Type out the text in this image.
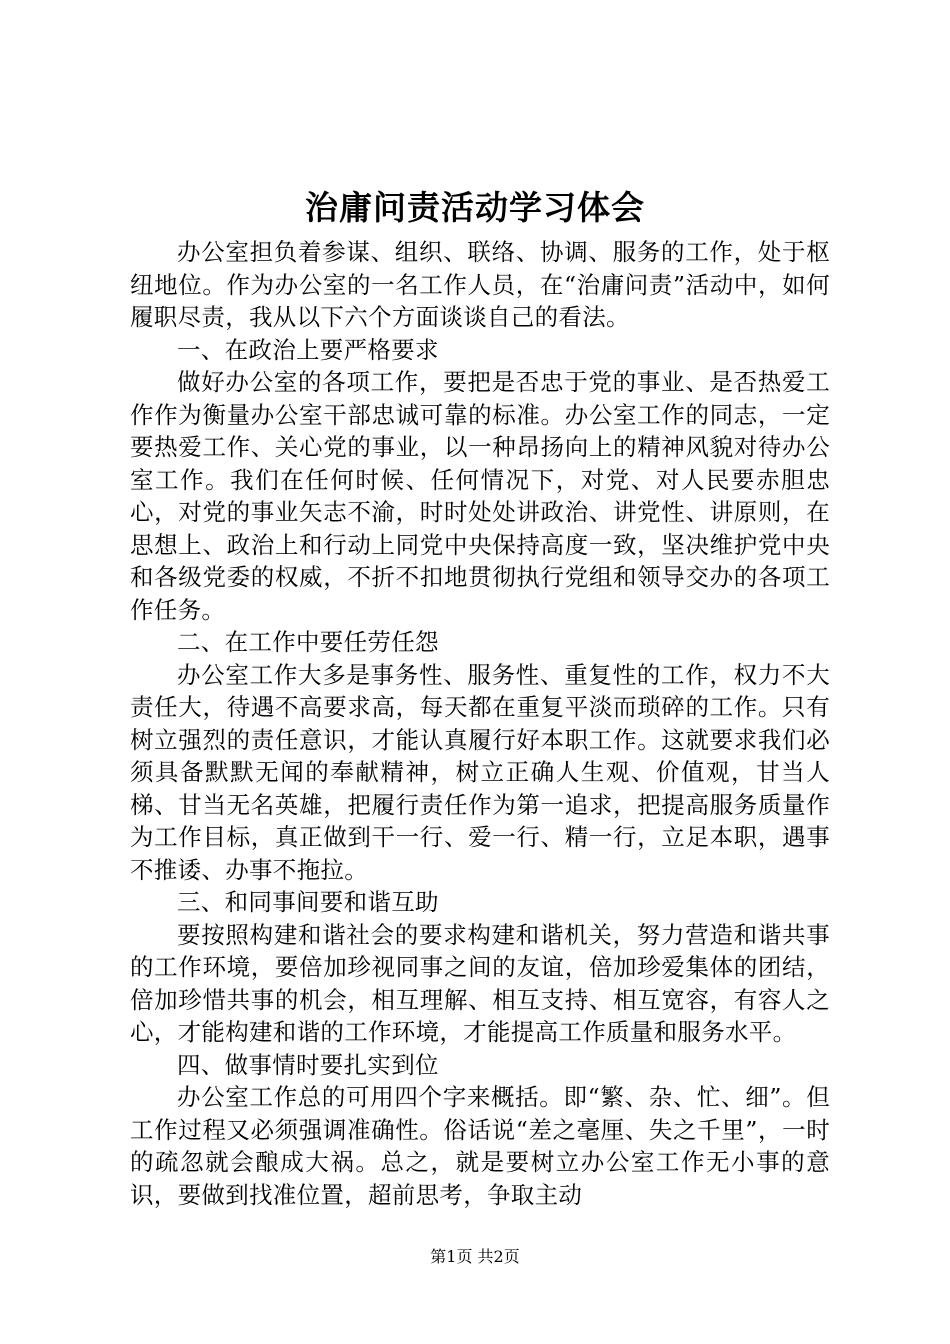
治庸问责活动学习体会

办公室担负着参谋、组织、联络、协调、服务的工作，处于枢纽地位。作为办公室的一名工作人员，在“治庸问责”活动中，如何履职尽责，我从以下六个方面谈谈自己的看法。

一、在政治上要严格要求

做好办公室的各项工作，要把是否忠于党的事业、是否热爱工作作为衡量办公室干部忠诚可靠的标准。办公室工作的同志，一定要热爱工作、关心党的事业，以一种昂扬向上的精神风貌对待办公室工作。我们在任何时候、任何情况下，对党、对人民要赤胆忠心，对党的事业矢志不渝，时时处处讲政治、讲党性、讲原则，在思想上、政治上和行动上同党中央保持高度一致，坚决维护党中央和各级党委的权威，不折不扣地贯彻执行党组和领导交办的各项工作任务。

二、在工作中要任劳任怨

办公室工作大多是事务性、服务性、重复性的工作，权力不大责任大，待遇不高要求高，每天都在重复平淡而琐碎的工作。只有树立强烈的责任意识，才能认真履行好本职工作。这就要求我们必须具备默默无闻的奉献精神，树立正确人生观、价值观，甘当人梯、甘当无名英雄，把履行责任作为第一追求，把提高服务质量作为工作目标，真正做到干一行、爱一行、精一行，立足本职，遇事不推诿、办事不拖拉。

三、和同事间要和谐互助

要按照构建和谐社会的要求构建和谐机关，努力营造和谐共事的工作环境，要倍加珍视同事之间的友谊，倍加珍爱集体的团结，倍加珍惜共事的机会，相互理解、相互支持、相互宽容，有容人之心，才能构建和谐的工作环境，才能提高工作质量和服务水平。

四、做事情时要扎实到位

办公室工作总的可用四个字来概括。即“繁、杂、忙、细”。但工作过程又必须强调准确性。俗话说“差之毫厘、失之千里”，一时的疏忽就会酿成大祸。总之，就是要树立办公室工作无小事的意识，要做到找准位置，超前思考，争取主动

第1页 共2页
